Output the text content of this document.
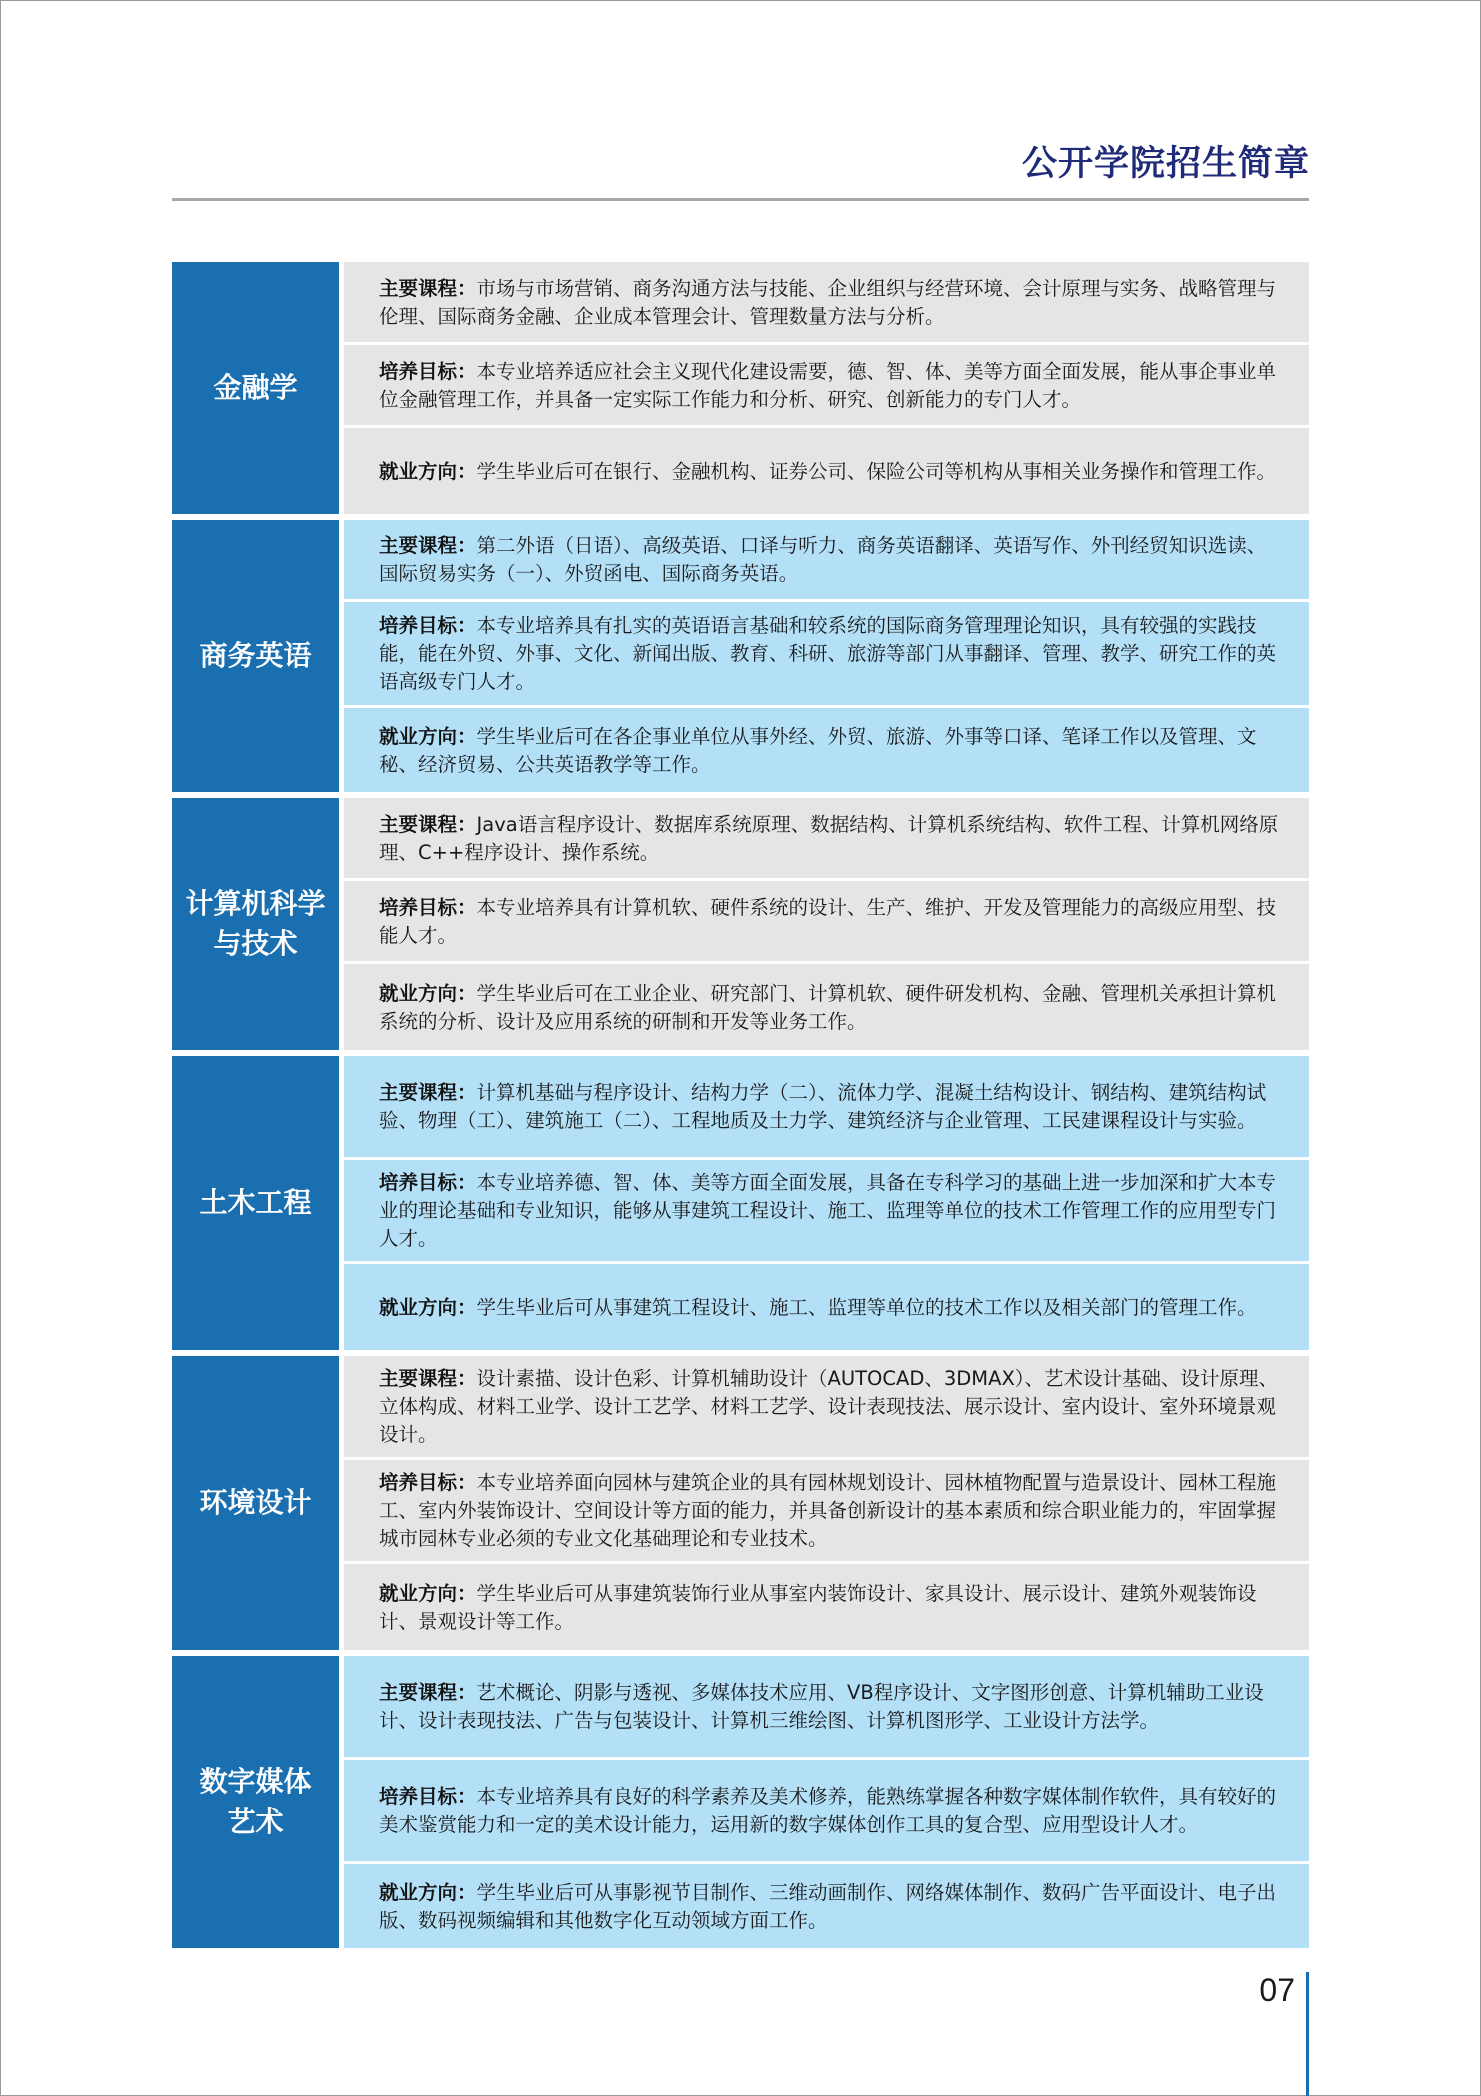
公开学院招生简章
金融学
主要课程：市场与市场营销、商务沟通方法与技能、企业组织与经营环境、会计原理与实务、战略管理与伦理、国际商务金融、企业成本管理会计、管理数量方法与分析。
培养目标：本专业培养适应社会主义现代化建设需要，德、智、体、美等方面全面发展，能从事企事业单位金融管理工作，并具备一定实际工作能力和分析、研究、创新能力的专门人才。
就业方向：学生毕业后可在银行、金融机构、证券公司、保险公司等机构从事相关业务操作和管理工作。
商务英语
主要课程：第二外语（日语）、高级英语、口译与听力、商务英语翻译、英语写作、外刊经贸知识选读、国际贸易实务（一）、外贸函电、国际商务英语。
培养目标：本专业培养具有扎实的英语语言基础和较系统的国际商务管理理论知识，具有较强的实践技能，能在外贸、外事、文化、新闻出版、教育、科研、旅游等部门从事翻译、管理、教学、研究工作的英语高级专门人才。
就业方向：学生毕业后可在各企事业单位从事外经、外贸、旅游、外事等口译、笔译工作以及管理、文秘、经济贸易、公共英语教学等工作。
计算机科学
与技术
主要课程：Java语言程序设计、数据库系统原理、数据结构、计算机系统结构、软件工程、计算机网络原理、C++程序设计、操作系统。
培养目标：本专业培养具有计算机软、硬件系统的设计、生产、维护、开发及管理能力的高级应用型、技能人才。
就业方向：学生毕业后可在工业企业、研究部门、计算机软、硬件研发机构、金融、管理机关承担计算机系统的分析、设计及应用系统的研制和开发等业务工作。
土木工程
主要课程：计算机基础与程序设计、结构力学（二）、流体力学、混凝土结构设计、钢结构、建筑结构试验、物理（工）、建筑施工（二）、工程地质及土力学、建筑经济与企业管理、工民建课程设计与实验。
培养目标：本专业培养德、智、体、美等方面全面发展，具备在专科学习的基础上进一步加深和扩大本专业的理论基础和专业知识，能够从事建筑工程设计、施工、监理等单位的技术工作管理工作的应用型专门人才。
就业方向：学生毕业后可从事建筑工程设计、施工、监理等单位的技术工作以及相关部门的管理工作。
环境设计
主要课程：设计素描、设计色彩、计算机辅助设计（AUTOCAD、3DMAX）、艺术设计基础、设计原理、立体构成、材料工业学、设计工艺学、材料工艺学、设计表现技法、展示设计、室内设计、室外环境景观设计。
培养目标：本专业培养面向园林与建筑企业的具有园林规划设计、园林植物配置与造景设计、园林工程施工、室内外装饰设计、空间设计等方面的能力，并具备创新设计的基本素质和综合职业能力的，牢固掌握城市园林专业必须的专业文化基础理论和专业技术。
就业方向：学生毕业后可从事建筑装饰行业从事室内装饰设计、家具设计、展示设计、建筑外观装饰设计、景观设计等工作。
数字媒体
艺术
主要课程：艺术概论、阴影与透视、多媒体技术应用、VB程序设计、文字图形创意、计算机辅助工业设计、设计表现技法、广告与包装设计、计算机三维绘图、计算机图形学、工业设计方法学。
培养目标：本专业培养具有良好的科学素养及美术修养，能熟练掌握各种数字媒体制作软件，具有较好的美术鉴赏能力和一定的美术设计能力，运用新的数字媒体创作工具的复合型、应用型设计人才。
就业方向：学生毕业后可从事影视节目制作、三维动画制作、网络媒体制作、数码广告平面设计、电子出版、数码视频编辑和其他数字化互动领域方面工作。
07
